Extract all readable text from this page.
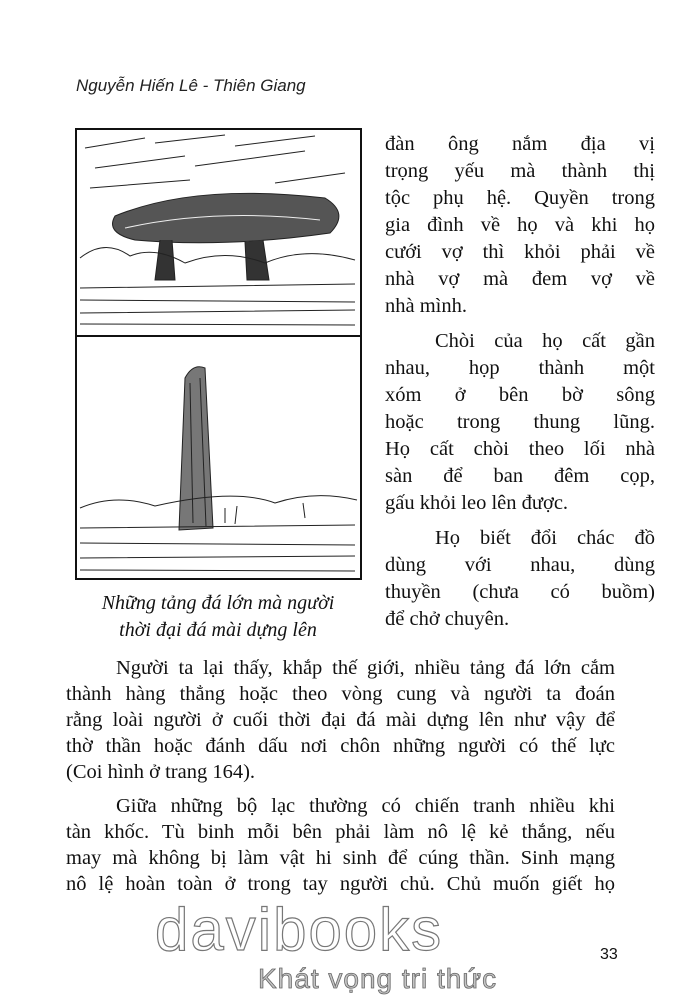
Nguyễn Hiến Lê - Thiên Giang
Những tảng đá lớn mà người
thời đại đá mài dựng lên
đàn ông nắm địa vị
trọng yếu mà thành thị
tộc phụ hệ. Quyền trong
gia đình về họ và khi họ
cưới vợ thì khỏi phải về
nhà vợ mà đem vợ về
nhà mình.
Chòi của họ cất gần
nhau, họp thành một
xóm ở bên bờ sông
hoặc trong thung lũng.
Họ cất chòi theo lối nhà
sàn để ban đêm cọp,
gấu khỏi leo lên được.
Họ biết đổi chác đồ
dùng với nhau, dùng
thuyền (chưa có buồm)
để chở chuyên.
Người ta lại thấy, khắp thế giới, nhiều tảng đá lớn cắm
thành hàng thẳng hoặc theo vòng cung và người ta đoán
rằng loài người ở cuối thời đại đá mài dựng lên như vậy để
thờ thần hoặc đánh dấu nơi chôn những người có thế lực
(Coi hình ở trang 164).
Giữa những bộ lạc thường có chiến tranh nhiều khi
tàn khốc. Tù binh mỗi bên phải làm nô lệ kẻ thắng, nếu
may mà không bị làm vật hi sinh để cúng thần. Sinh mạng
nô lệ hoàn toàn ở trong tay người chủ. Chủ muốn giết họ
davibooks
Khát vọng tri thức
33
